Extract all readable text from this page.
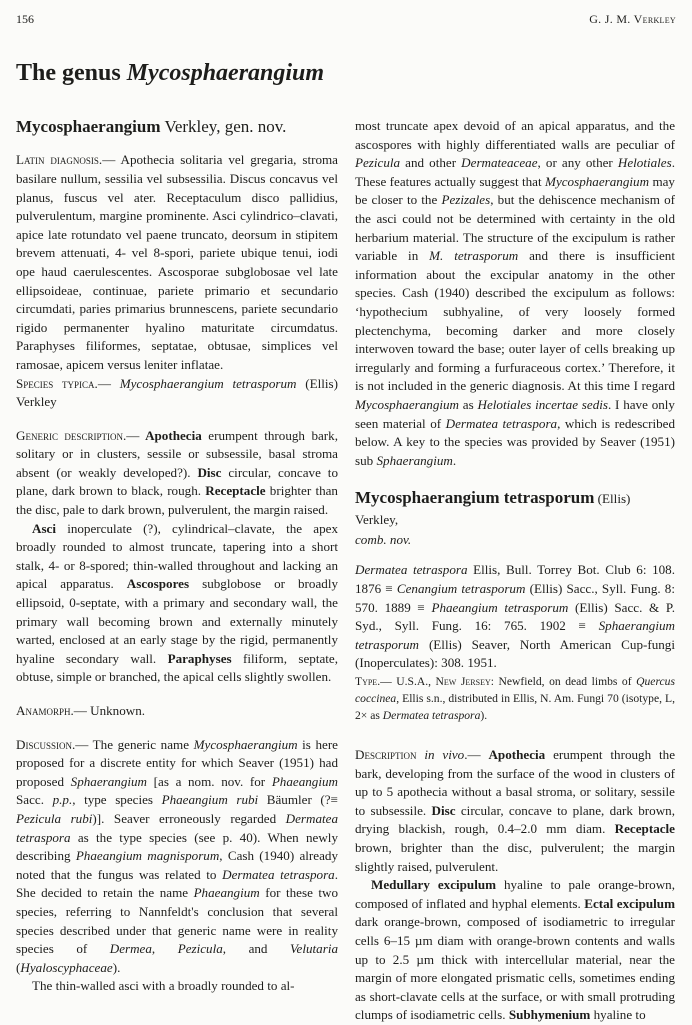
156	G. J. M. Verkley
The genus Mycosphaerangium
Mycosphaerangium Verkley, gen. nov.

Latin diagnosis.— Apothecia solitaria vel gregaria, stroma basilare nullum, sessilia vel subsessilia. Discus concavus vel planus, fuscus vel ater. Receptaculum disco pallidius, pulverulentum, margine prominente. Asci cylindrico–clavati, apice late rotundato vel paene truncato, deorsum in stipitem brevem attenuati, 4- vel 8-spori, pariete ubique tenui, iodi ope haud caerulescentes. Ascosporae subglobosae vel late ellipsoideae, continuae, pariete primario et secundario circumdati, paries primarius brunnescens, pariete secundario rigido permanenter hyalino maturitate circumdatus. Paraphyses filiformes, septatae, obtusae, simplices vel ramosae, apicem versus leniter inflatae.

Species typica.— Mycosphaerangium tetrasporum (Ellis) Verkley

Generic description.— Apothecia erumpent through bark, solitary or in clusters, sessile or subsessile, basal stroma absent (or weakly developed?). Disc circular, concave to plane, dark brown to black, rough. Receptacle brighter than the disc, pale to dark brown, pulverulent, the margin raised.

Asci inoperculate (?), cylindrical–clavate, the apex broadly rounded to almost truncate, tapering into a short stalk, 4- or 8-spored; thin-walled throughout and lacking an apical apparatus. Ascospores subglobose or broadly ellipsoid, 0-septate, with a primary and secondary wall, the primary wall becoming brown and externally minutely warted, enclosed at an early stage by the rigid, permanently hyaline secondary wall. Paraphyses filiform, septate, obtuse, simple or branched, the apical cells slightly swollen.

Anamorph.— Unknown.

Discussion.— The generic name Mycosphaerangium is here proposed for a discrete entity for which Seaver (1951) had proposed Sphaerangium [as a nom. nov. for Phaeangium Sacc. p.p., type species Phaeangium rubi Bäumler (?≡ Pezicula rubi)]. Seaver erroneously regarded Dermatea tetraspora as the type species (see p. 40). When newly describing Phaeangium magnisporum, Cash (1940) already noted that the fungus was related to Dermatea tetraspora. She decided to retain the name Phaeangium for these two species, referring to Nannfeldt's conclusion that several species described under that generic name were in reality species of Dermea, Pezicula, and Velutaria (Hyaloscyphaceae).

The thin-walled asci with a broadly rounded to al-

most truncate apex devoid of an apical apparatus, and the ascospores with highly differentiated walls are peculiar of Pezicula and other Dermateaceae, or any other Helotiales. These features actually suggest that Mycosphaerangium may be closer to the Pezizales, but the dehiscence mechanism of the asci could not be determined with certainty in the old herbarium material. The structure of the excipulum is rather variable in M. tetrasporum and there is insufficient information about the excipular anatomy in the other species. Cash (1940) described the excipulum as follows: ‘hypothecium subhyaline, of very loosely formed plectenchyma, becoming darker and more closely interwoven toward the base; outer layer of cells breaking up irregularly and forming a furfuraceous cortex.’ Therefore, it is not included in the generic diagnosis. At this time I regard Mycosphaerangium as Helotiales incertae sedis. I have only seen material of Dermatea tetraspora, which is redescribed below. A key to the species was provided by Seaver (1951) sub Sphaerangium.

Mycosphaerangium tetrasporum (Ellis) Verkley,
comb. nov.

Dermatea tetraspora Ellis, Bull. Torrey Bot. Club 6: 108. 1876 ≡ Cenangium tetrasporum (Ellis) Sacc., Syll. Fung. 8: 570. 1889 ≡ Phaeangium tetrasporum (Ellis) Sacc. & P. Syd., Syll. Fung. 16: 765. 1902 ≡ Sphaerangium tetrasporum (Ellis) Seaver, North American Cup-fungi (Inoperculates): 308. 1951.

Type.— U.S.A., New Jersey: Newfield, on dead limbs of Quercus coccinea, Ellis s.n., distributed in Ellis, N. Am. Fungi 70 (isotype, L, 2× as Dermatea tetraspora).

Description in vivo.— Apothecia erumpent through the bark, developing from the surface of the wood in clusters of up to 5 apothecia without a basal stroma, or solitary, sessile to subsessile. Disc circular, concave to plane, dark brown, drying blackish, rough, 0.4–2.0 mm diam. Receptacle brown, brighter than the disc, pulverulent; the margin slightly raised, pulverulent.

Medullary excipulum hyaline to pale orange-brown, composed of inflated and hyphal elements. Ectal excipulum dark orange-brown, composed of isodiametric to irregular cells 6–15 µm diam with orange-brown contents and walls up to 2.5 µm thick with intercellular material, near the margin of more elongated prismatic cells, sometimes ending as short-clavate cells at the surface, or with small protruding clumps of isodiametric cells. Subhymenium hyaline to
